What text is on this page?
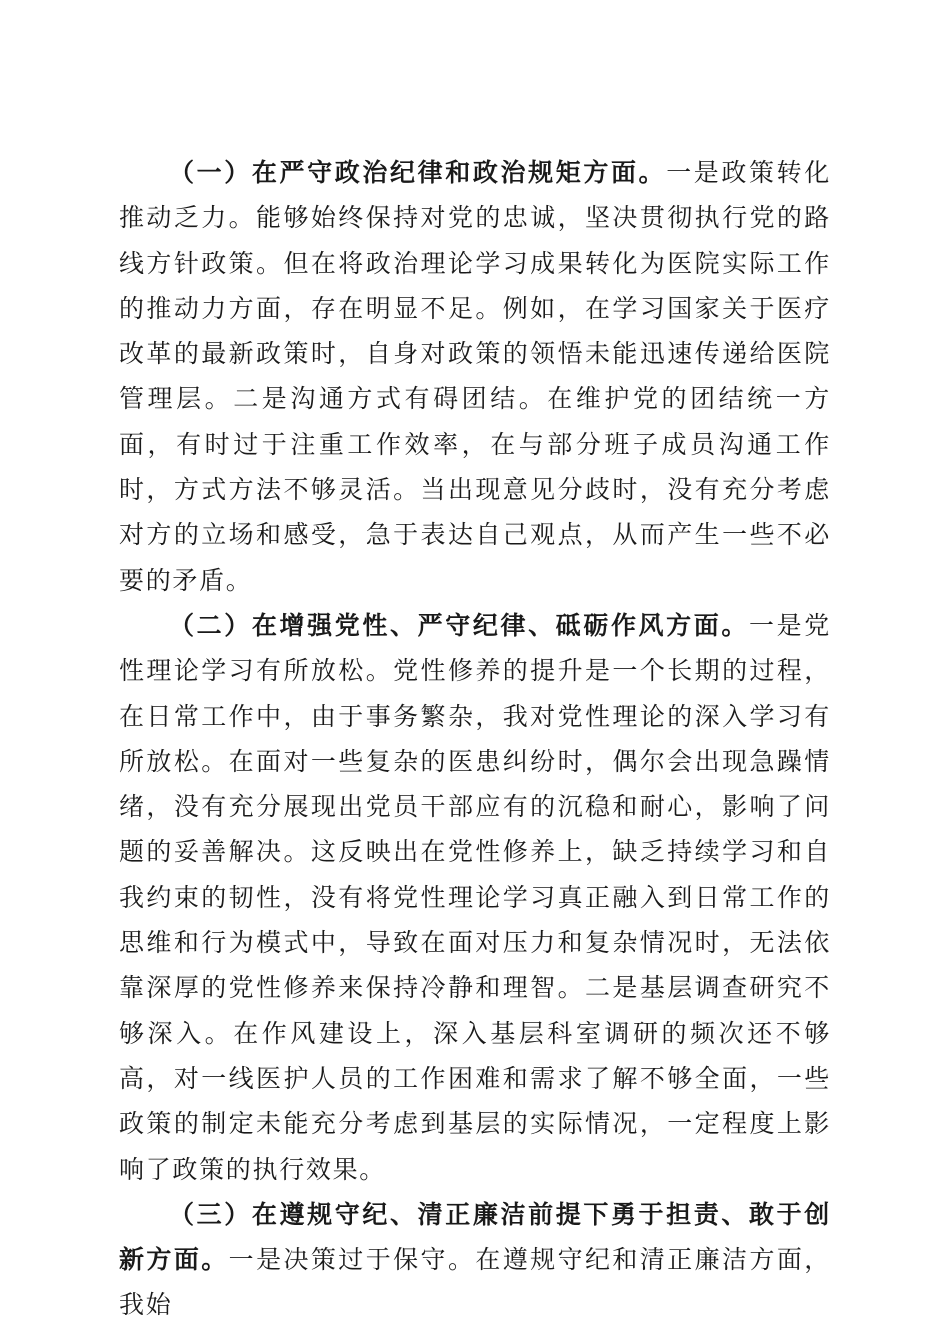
（一）在严守政治纪律和政治规矩方面。一是政策转化推动乏力。能够始终保持对党的忠诚，坚决贯彻执行党的路线方针政策。但在将政治理论学习成果转化为医院实际工作的推动力方面，存在明显不足。例如，在学习国家关于医疗改革的最新政策时，自身对政策的领悟未能迅速传递给医院管理层。二是沟通方式有碍团结。在维护党的团结统一方面，有时过于注重工作效率，在与部分班子成员沟通工作时，方式方法不够灵活。当出现意见分歧时，没有充分考虑对方的立场和感受，急于表达自己观点，从而产生一些不必要的矛盾。

（二）在增强党性、严守纪律、砥砺作风方面。一是党性理论学习有所放松。党性修养的提升是一个长期的过程，在日常工作中，由于事务繁杂，我对党性理论的深入学习有所放松。在面对一些复杂的医患纠纷时，偶尔会出现急躁情绪，没有充分展现出党员干部应有的沉稳和耐心，影响了问题的妥善解决。这反映出在党性修养上，缺乏持续学习和自我约束的韧性，没有将党性理论学习真正融入到日常工作的思维和行为模式中，导致在面对压力和复杂情况时，无法依靠深厚的党性修养来保持冷静和理智。二是基层调查研究不够深入。在作风建设上，深入基层科室调研的频次还不够高，对一线医护人员的工作困难和需求了解不够全面，一些政策的制定未能充分考虑到基层的实际情况，一定程度上影响了政策的执行效果。

（三）在遵规守纪、清正廉洁前提下勇于担责、敢于创新方面。一是决策过于保守。在遵规守纪和清正廉洁方面，我始
